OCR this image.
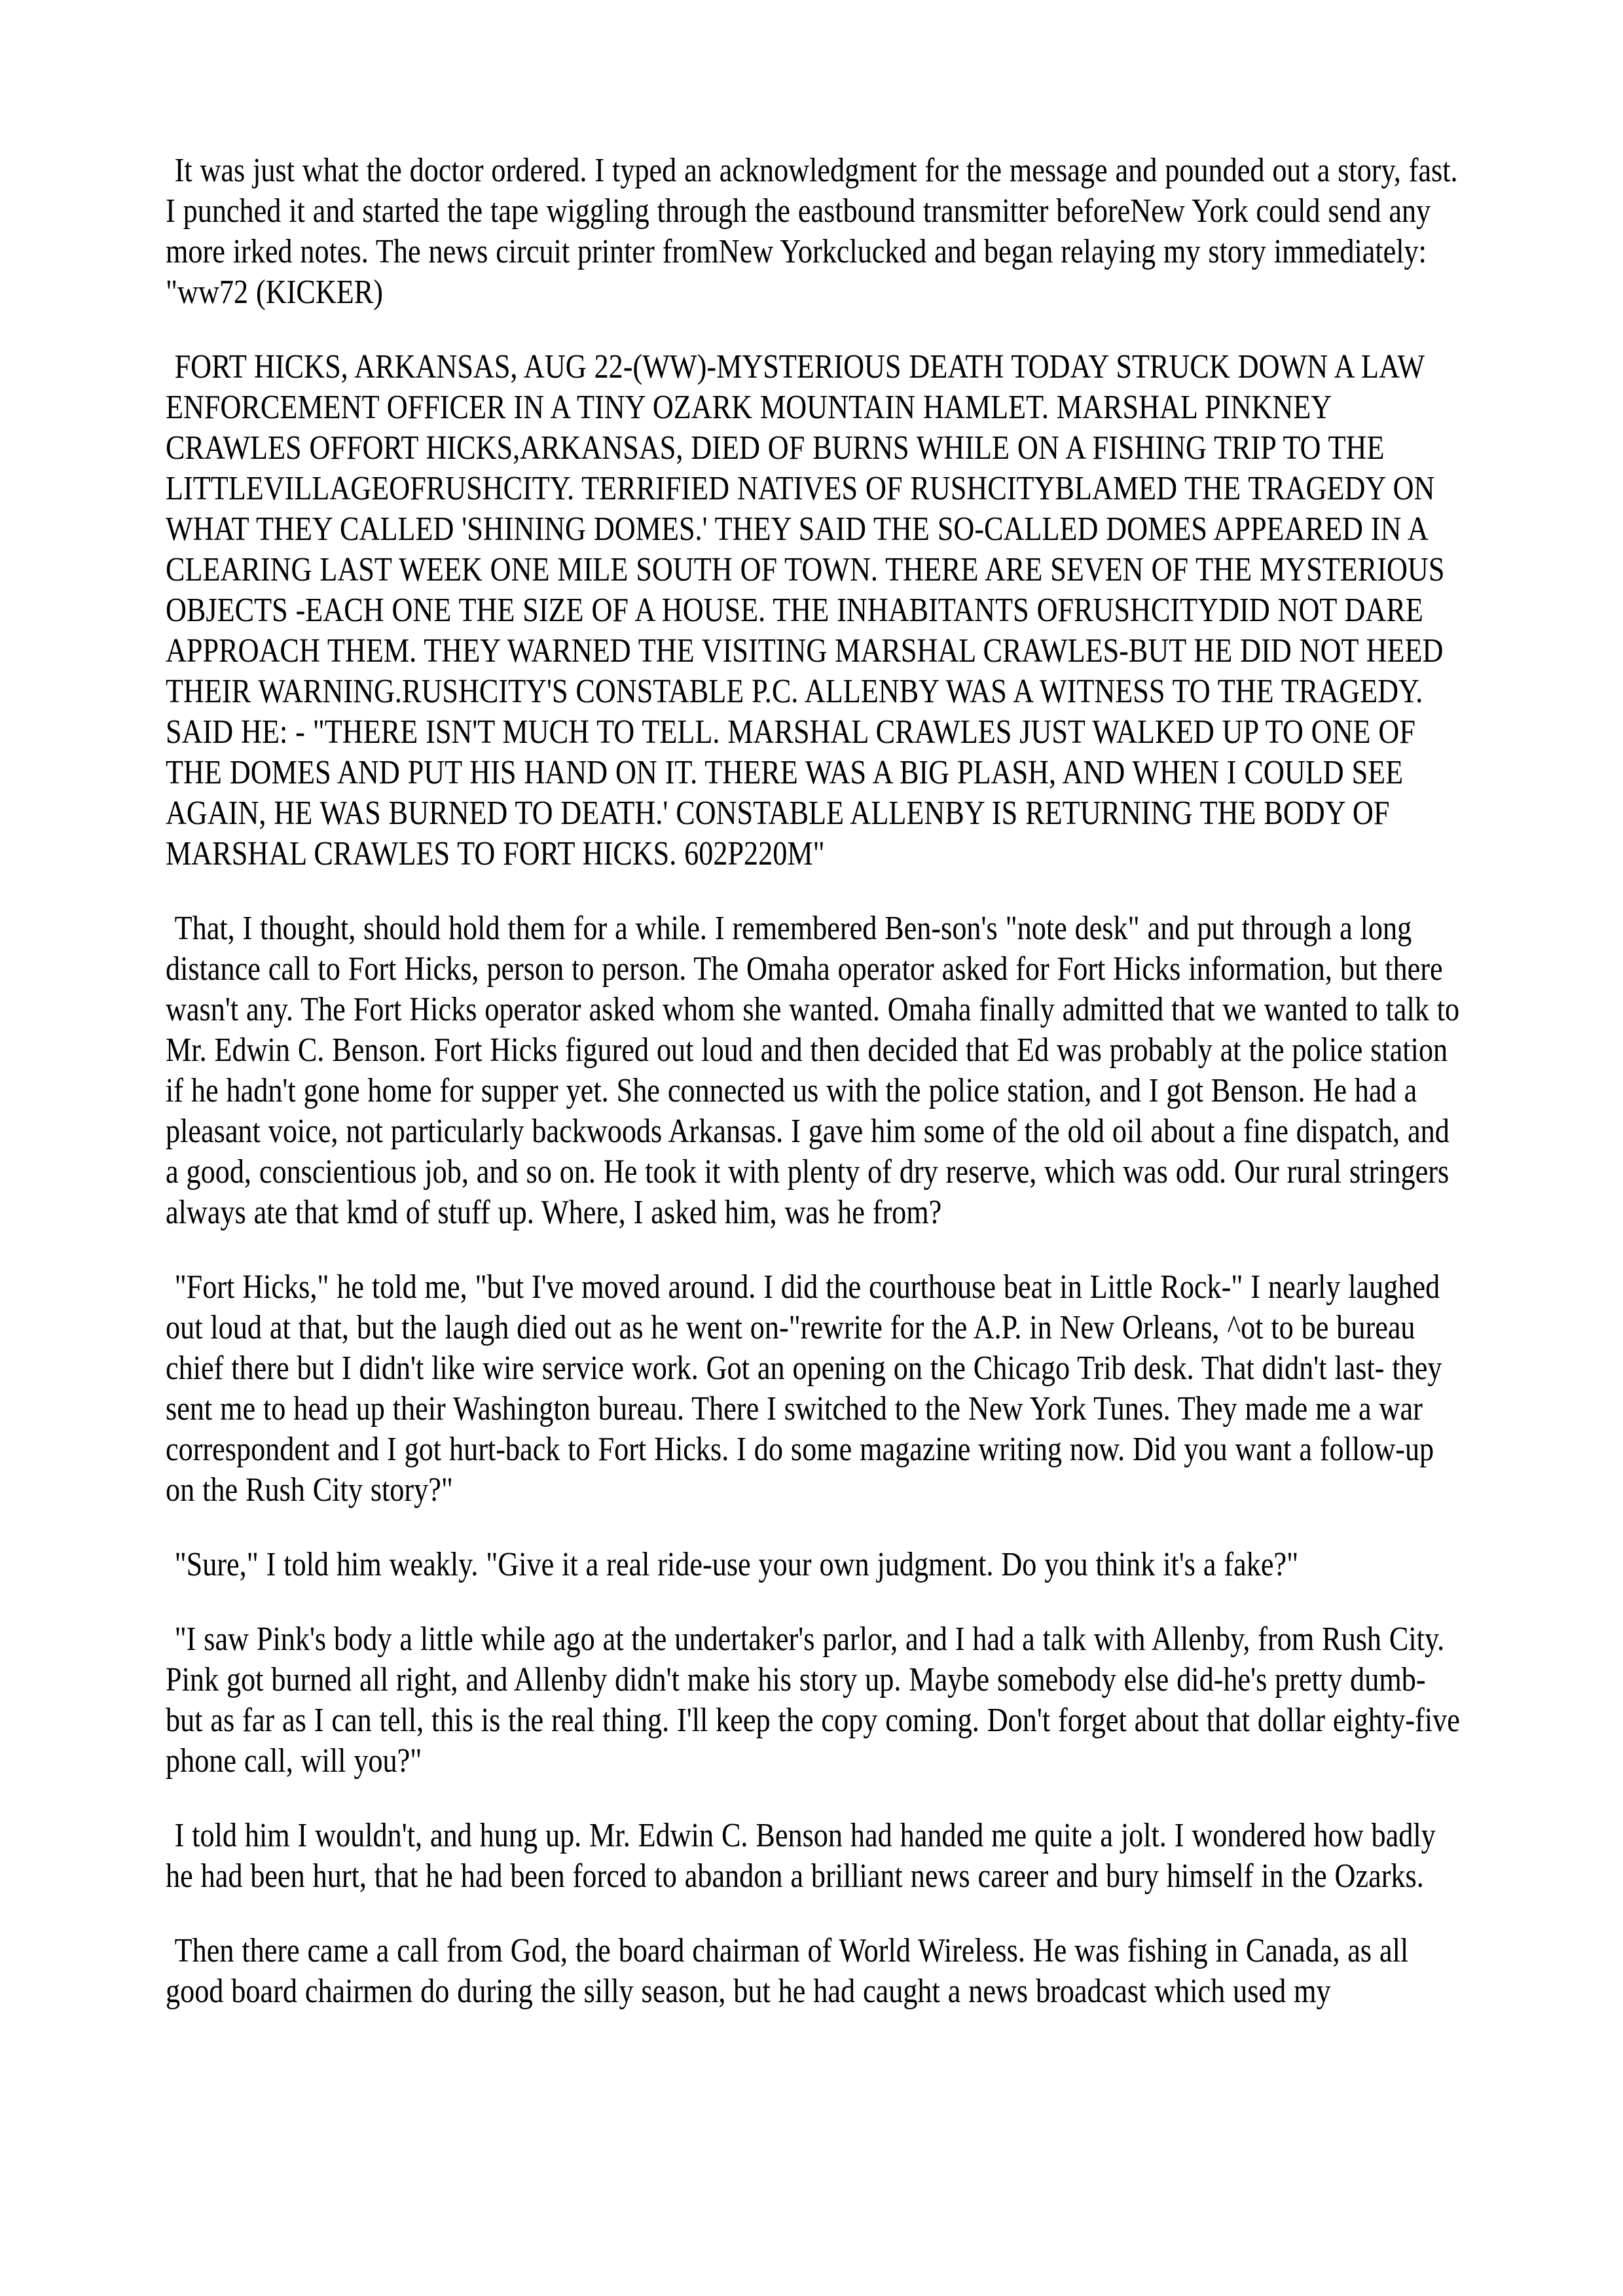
It was just what the doctor ordered. I typed an acknowledgment for the message and pounded out a story, fast. I punched it and started the tape wiggling through the eastbound transmitter beforeNew York could send any more irked notes. The news circuit printer fromNew Yorkclucked and began relaying my story immediately: "ww72 (KICKER)

FORT HICKS, ARKANSAS, AUG 22-(WW)-MYSTERIOUS DEATH TODAY STRUCK DOWN A LAW ENFORCEMENT OFFICER IN A TINY OZARK MOUNTAIN HAMLET. MARSHAL PINKNEY CRAWLES OFFORT HICKS,ARKANSAS, DIED OF BURNS WHILE ON A FISHING TRIP TO THE LITTLEVILLAGEOFRUSHCITY. TERRIFIED NATIVES OF RUSHCITYBLAMED THE TRAGEDY ON WHAT THEY CALLED 'SHINING DOMES.' THEY SAID THE SO-CALLED DOMES APPEARED IN A CLEARING LAST WEEK ONE MILE SOUTH OF TOWN. THERE ARE SEVEN OF THE MYSTERIOUS OBJECTS -EACH ONE THE SIZE OF A HOUSE. THE INHABITANTS OFRUSHCITYDID NOT DARE APPROACH THEM. THEY WARNED THE VISITING MARSHAL CRAWLES-BUT HE DID NOT HEED THEIR WARNING.RUSHCITY'S CONSTABLE P.C. ALLENBY WAS A WITNESS TO THE TRAGEDY. SAID HE: - "THERE ISN'T MUCH TO TELL. MARSHAL CRAWLES JUST WALKED UP TO ONE OF THE DOMES AND PUT HIS HAND ON IT. THERE WAS A BIG PLASH, AND WHEN I COULD SEE AGAIN, HE WAS BURNED TO DEATH.' CONSTABLE ALLENBY IS RETURNING THE BODY OF MARSHAL CRAWLES TO FORT HICKS. 602P220M"

That, I thought, should hold them for a while. I remembered Ben-son's "note desk" and put through a long distance call to Fort Hicks, person to person. The Omaha operator asked for Fort Hicks information, but there wasn't any. The Fort Hicks operator asked whom she wanted. Omaha finally admitted that we wanted to talk to Mr. Edwin C. Benson. Fort Hicks figured out loud and then decided that Ed was probably at the police station if he hadn't gone home for supper yet. She connected us with the police station, and I got Benson. He had a pleasant voice, not particularly backwoods Arkansas. I gave him some of the old oil about a fine dispatch, and a good, conscientious job, and so on. He took it with plenty of dry reserve, which was odd. Our rural stringers always ate that kmd of stuff up. Where, I asked him, was he from?

"Fort Hicks," he told me, "but I've moved around. I did the courthouse beat in Little Rock-" I nearly laughed out loud at that, but the laugh died out as he went on-"rewrite for the A.P. in New Orleans, ^ot to be bureau chief there but I didn't like wire service work. Got an opening on the Chicago Trib desk. That didn't last- they sent me to head up their Washington bureau. There I switched to the New York Tunes. They made me a war correspondent and I got hurt-back to Fort Hicks. I do some magazine writing now. Did you want a follow-up on the Rush City story?"

"Sure," I told him weakly. "Give it a real ride-use your own judgment. Do you think it's a fake?"

"I saw Pink's body a little while ago at the undertaker's parlor, and I had a talk with Allenby, from Rush City. Pink got burned all right, and Allenby didn't make his story up. Maybe somebody else did-he's pretty dumb-but as far as I can tell, this is the real thing. I'll keep the copy coming. Don't forget about that dollar eighty-five phone call, will you?"

I told him I wouldn't, and hung up. Mr. Edwin C. Benson had handed me quite a jolt. I wondered how badly he had been hurt, that he had been forced to abandon a brilliant news career and bury himself in the Ozarks.

Then there came a call from God, the board chairman of World Wireless. He was fishing in Canada, as all good board chairmen do during the silly season, but he had caught a news broadcast which used my
